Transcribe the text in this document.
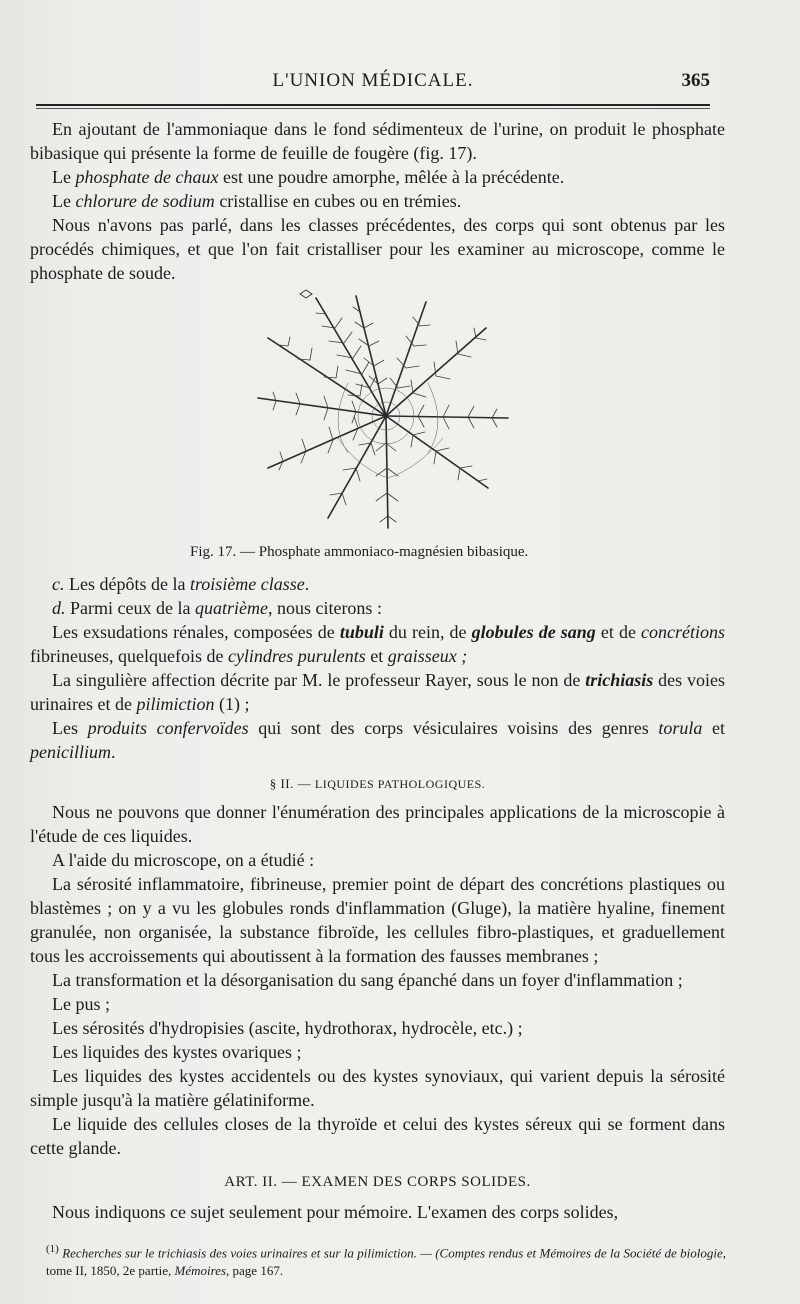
L'UNION MÉDICALE.	365

En ajoutant de l'ammoniaque dans le fond sédimenteux de l'urine, on produit le phosphate bibasique qui présente la forme de feuille de fougère (fig. 17).

Le phosphate de chaux est une poudre amorphe, mêlée à la précédente.

Le chlorure de sodium cristallise en cubes ou en trémies.

Nous n'avons pas parlé, dans les classes précédentes, des corps qui sont obtenus par les procédés chimiques, et que l'on fait cristalliser pour les examiner au microscope, comme le phosphate de soude.

Fig. 17. — Phosphate ammoniaco-magnésien bibasique.

c. Les dépôts de la troisième classe.

d. Parmi ceux de la quatrième, nous citerons :

Les exsudations rénales, composées de tubuli du rein, de globules de sang et de concrétions fibrineuses, quelquefois de cylindres purulents et graisseux ;

La singulière affection décrite par M. le professeur Rayer, sous le non de trichiasis des voies urinaires et de pilimiction (1) ;

Les produits confervoïdes qui sont des corps vésiculaires voisins des genres torula et penicillium.

§ II. — LIQUIDES PATHOLOGIQUES.

Nous ne pouvons que donner l'énumération des principales applications de la microscopie à l'étude de ces liquides.

A l'aide du microscope, on a étudié :

La sérosité inflammatoire, fibrineuse, premier point de départ des concrétions plastiques ou blastèmes ; on y a vu les globules ronds d'inflammation (Gluge), la matière hyaline, finement granulée, non organisée, la substance fibroïde, les cellules fibro-plastiques, et graduellement tous les accroissements qui aboutissent à la formation des fausses membranes ;

La transformation et la désorganisation du sang épanché dans un foyer d'inflammation ;

Le pus ;

Les sérosités d'hydropisies (ascite, hydrothorax, hydrocèle, etc.) ;

Les liquides des kystes ovariques ;

Les liquides des kystes accidentels ou des kystes synoviaux, qui varient depuis la sérosité simple jusqu'à la matière gélatiniforme.

Le liquide des cellules closes de la thyroïde et celui des kystes séreux qui se forment dans cette glande.

ART. II. — EXAMEN DES CORPS SOLIDES.

Nous indiquons ce sujet seulement pour mémoire. L'examen des corps solides,

$^{(1)}$ Recherches sur le trichiasis des voies urinaires et sur la pilimiction. — (Comptes rendus et Mémoires de la Société de biologie, tome II, 1850, 2e partie, Mémoires, page 167.
